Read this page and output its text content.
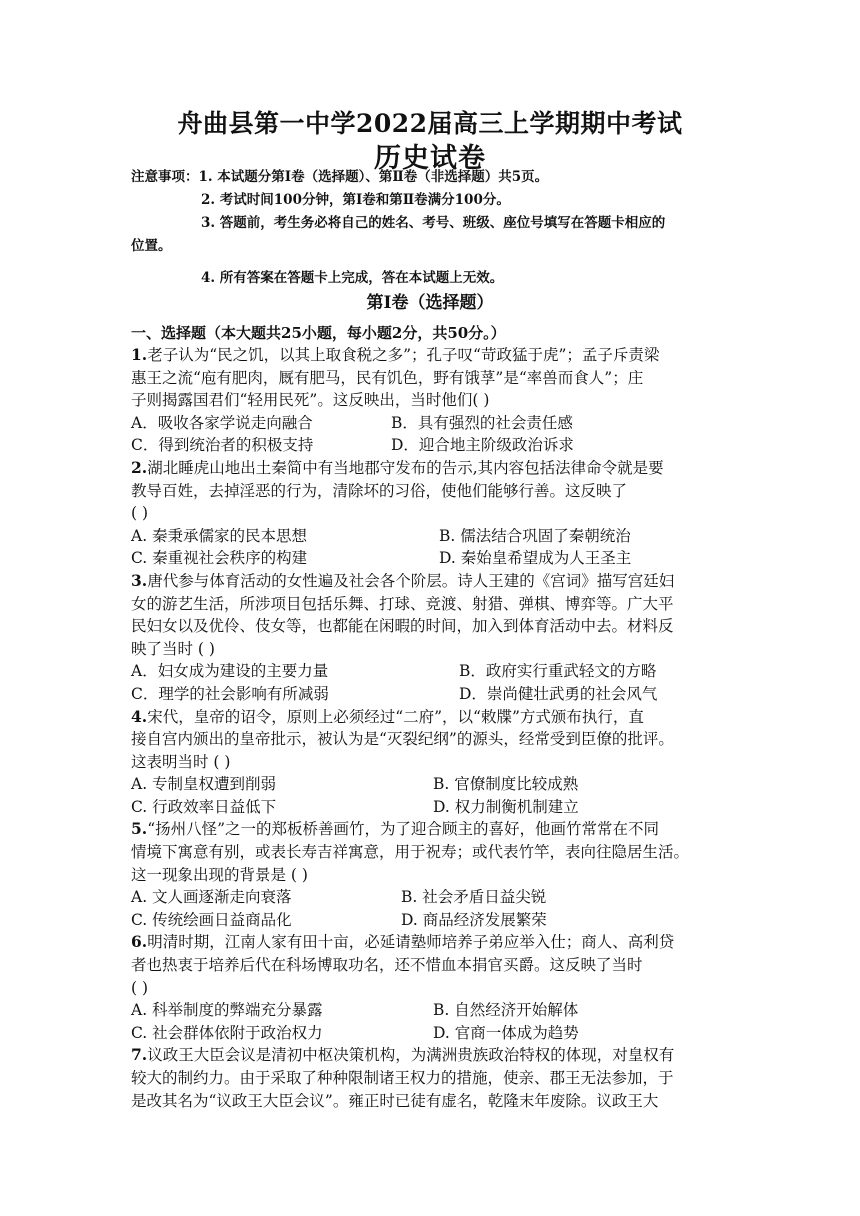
舟曲县第一中学2022届高三上学期期中考试
历史试卷
注意事项：1. 本试题分第Ⅰ卷（选择题）、第Ⅱ卷（非选择题）共5页。
2. 考试时间100分钟，第Ⅰ卷和第Ⅱ卷满分100分。
3. 答题前，考生务必将自己的姓名、考号、班级、座位号填写在答题卡相应的
位置。
4. 所有答案在答题卡上完成，答在本试题上无效。
第Ⅰ卷（选择题）
一、选择题（本大题共25小题，每小题2分，共50分。）
1.老子认为“民之饥，以其上取食税之多”；孔子叹“苛政猛于虎”；孟子斥责梁
惠王之流“庖有肥肉，厩有肥马，民有饥色，野有饿莩”是“率兽而食人”；庄
子则揭露国君们“轻用民死”。这反映出，当时他们( )
A．吸收各家学说走向融合	B．具有强烈的社会责任感
C．得到统治者的积极支持	D．迎合地主阶级政治诉求
2.湖北睡虎山地出土秦简中有当地郡守发布的告示,其内容包括法律命令就是要
教导百姓，去掉淫恶的行为，清除坏的习俗，使他们能够行善。这反映了
( )
A. 秦秉承儒家的民本思想	B. 儒法结合巩固了秦朝统治
C. 秦重视社会秩序的构建	D. 秦始皇希望成为人王圣主
3.唐代参与体育活动的女性遍及社会各个阶层。诗人王建的《宫词》描写宫廷妇
女的游艺生活，所涉项目包括乐舞、打球、竞渡、射猎、弹棋、博弈等。广大平
民妇女以及优伶、伎女等，也都能在闲暇的时间，加入到体育活动中去。材料反
映了当时 ( )
A．妇女成为建设的主要力量	B．政府实行重武轻文的方略
C．理学的社会影响有所减弱	D．崇尚健壮武勇的社会风气
4.宋代，皇帝的诏令，原则上必须经过“二府”，以“敕牒”方式颁布执行，直
接自宫内颁出的皇帝批示，被认为是“灭裂纪纲”的源头，经常受到臣僚的批评。
这表明当时 ( )
A. 专制皇权遭到削弱	B. 官僚制度比较成熟
C. 行政效率日益低下	D. 权力制衡机制建立
5.“扬州八怪”之一的郑板桥善画竹，为了迎合顾主的喜好，他画竹常常在不同
情境下寓意有别，或表长寿吉祥寓意，用于祝寿；或代表竹竿，表向往隐居生活。
这一现象出现的背景是 ( )
A. 文人画逐渐走向衰落	B. 社会矛盾日益尖锐
C. 传统绘画日益商品化	D. 商品经济发展繁荣
6.明清时期，江南人家有田十亩，必延请塾师培养子弟应举入仕；商人、高利贷
者也热衷于培养后代在科场博取功名，还不惜血本捐官买爵。这反映了当时
( )
A. 科举制度的弊端充分暴露	B. 自然经济开始解体
C. 社会群体依附于政治权力	D. 官商一体成为趋势
7.议政王大臣会议是清初中枢决策机构，为满洲贵族政治特权的体现，对皇权有
较大的制约力。由于采取了种种限制诸王权力的措施，使亲、郡王无法参加，于
是改其名为“议政王大臣会议”。雍正时已徒有虚名，乾隆末年废除。议政王大
